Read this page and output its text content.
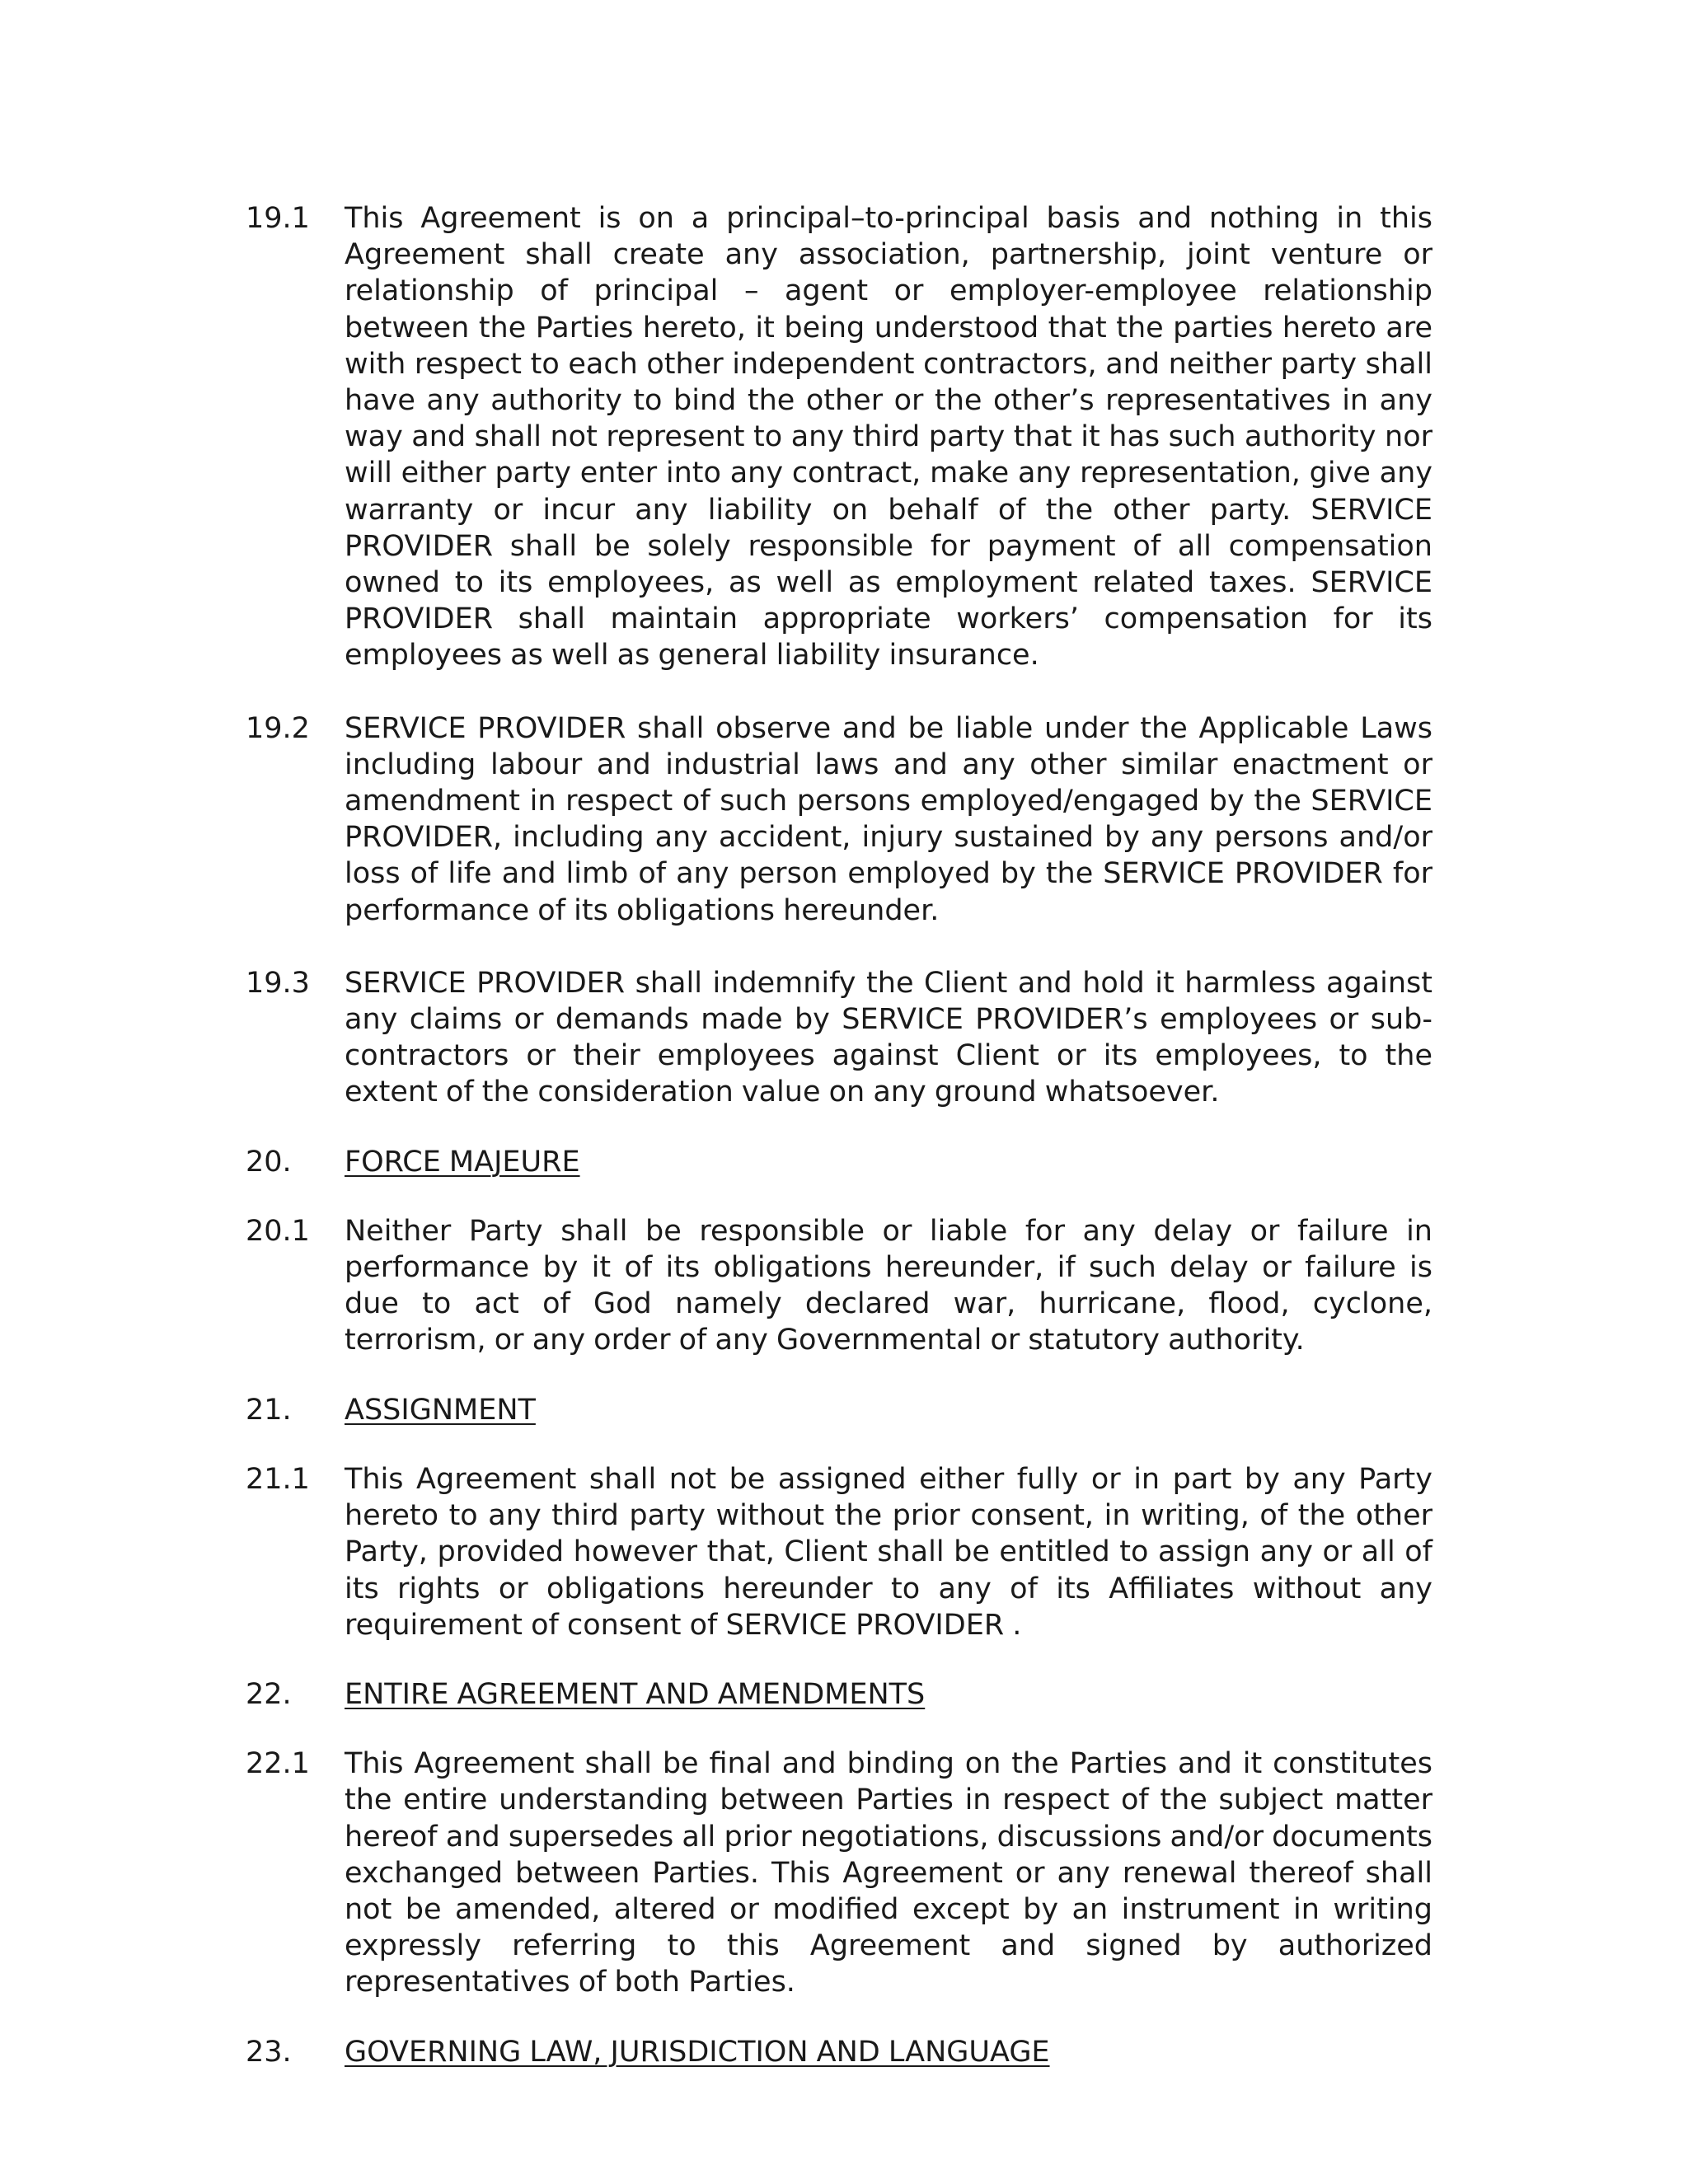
19.1	This Agreement is on a principal–to-principal basis and nothing in this Agreement shall create any association, partnership, joint venture or relationship of principal – agent or employer-employee relationship between the Parties hereto, it being understood that the parties hereto are with respect to each other independent contractors, and neither party shall have any authority to bind the other or the other’s representatives in any way and shall not represent to any third party that it has such authority nor will either party enter into any contract, make any representation, give any warranty or incur any liability on behalf of the other party. SERVICE PROVIDER shall be solely responsible for payment of all compensation owned to its employees, as well as employment related taxes. SERVICE PROVIDER shall maintain appropriate workers’ compensation for its employees as well as general liability insurance.
19.2	SERVICE PROVIDER shall observe and be liable under the Applicable Laws including labour and industrial laws and any other similar enactment or amendment in respect of such persons employed/engaged by the SERVICE PROVIDER, including any accident, injury sustained by any persons and/or loss of life and limb of any person employed by the SERVICE PROVIDER for performance of its obligations hereunder.
19.3	SERVICE PROVIDER shall indemnify the Client and hold it harmless against any claims or demands made by SERVICE PROVIDER’s employees or sub-contractors or their employees against Client or its employees, to the extent of the consideration value on any ground whatsoever.
20.	FORCE MAJEURE
20.1	Neither Party shall be responsible or liable for any delay or failure in performance by it of its obligations hereunder, if such delay or failure is due to act of God namely declared war, hurricane, flood, cyclone, terrorism, or any order of any Governmental or statutory authority.
21.	ASSIGNMENT
21.1	This Agreement shall not be assigned either fully or in part by any Party hereto to any third party without the prior consent, in writing, of the other Party, provided however that, Client shall be entitled to assign any or all of its rights or obligations hereunder to any of its Affiliates without any requirement of consent of SERVICE PROVIDER .
22.	ENTIRE AGREEMENT AND AMENDMENTS
22.1	This Agreement shall be final and binding on the Parties and it constitutes the entire understanding between Parties in respect of the subject matter hereof and supersedes all prior negotiations, discussions and/or documents exchanged between Parties. This Agreement or any renewal thereof shall not be amended, altered or modified except by an instrument in writing expressly referring to this Agreement and signed by authorized representatives of both Parties.
23.	GOVERNING LAW, JURISDICTION AND LANGUAGE
